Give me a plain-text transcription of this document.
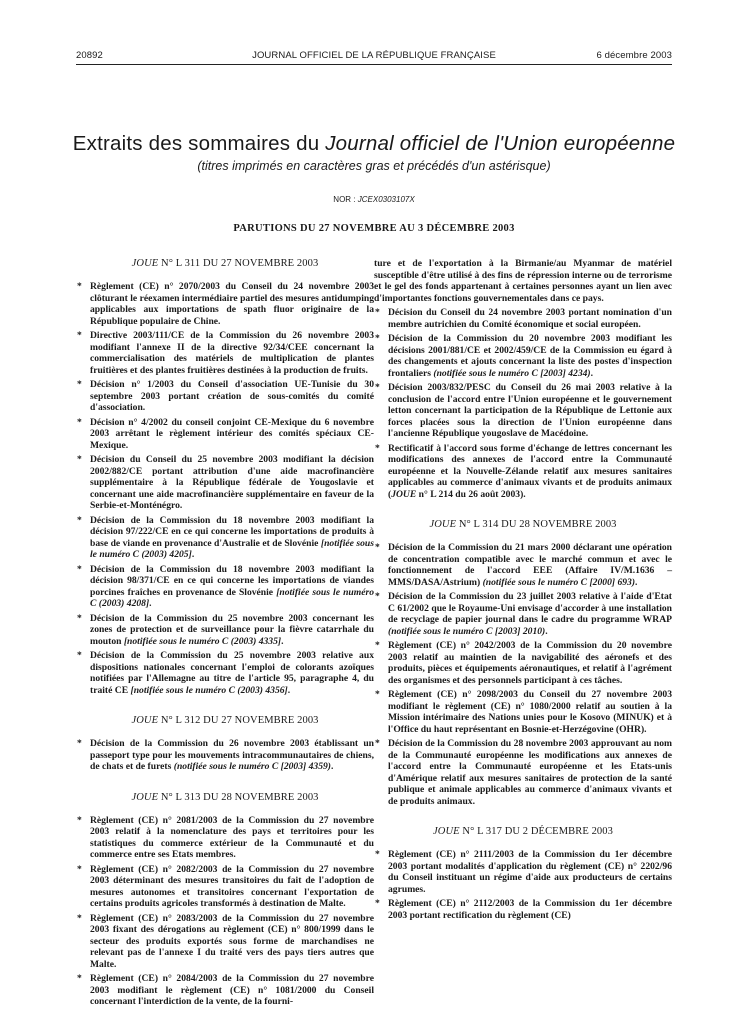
20892	JOURNAL OFFICIEL DE LA RÉPUBLIQUE FRANÇAISE	6 décembre 2003
Extraits des sommaires du Journal officiel de l'Union européenne
(titres imprimés en caractères gras et précédés d'un astérisque)
NOR : JCEX0303107X
PARUTIONS DU 27 NOVEMBRE AU 3 DÉCEMBRE 2003
JOUE N° L 311 DU 27 NOVEMBRE 2003
* Règlement (CE) n° 2070/2003 du Conseil du 24 novembre 2003 clôturant le réexamen intermédiaire partiel des mesures antidumping applicables aux importations de spath fluor originaire de la République populaire de Chine.
* Directive 2003/111/CE de la Commission du 26 novembre 2003 modifiant l'annexe II de la directive 92/34/CEE concernant la commercialisation des matériels de multiplication de plantes fruitières et des plantes fruitières destinées à la production de fruits.
* Décision n° 1/2003 du Conseil d'association UE-Tunisie du 30 septembre 2003 portant création de sous-comités du comité d'association.
* Décision n° 4/2002 du conseil conjoint CE-Mexique du 6 novembre 2003 arrêtant le règlement intérieur des comités spéciaux CE-Mexique.
* Décision du Conseil du 25 novembre 2003 modifiant la décision 2002/882/CE portant attribution d'une aide macrofinancière supplémentaire à la République fédérale de Yougoslavie et concernant une aide macrofinancière supplémentaire en faveur de la Serbie-et-Monténégro.
* Décision de la Commission du 18 novembre 2003 modifiant la décision 97/222/CE en ce qui concerne les importations de produits à base de viande en provenance d'Australie et de Slovénie [notifiée sous le numéro C (2003) 4205].
* Décision de la Commission du 18 novembre 2003 modifiant la décision 98/371/CE en ce qui concerne les importations de viandes porcines fraîches en provenance de Slovénie [notifiée sous le numéro C (2003) 4208].
* Décision de la Commission du 25 novembre 2003 concernant les zones de protection et de surveillance pour la fièvre catarrhale du mouton [notifiée sous le numéro C (2003) 4335].
* Décision de la Commission du 25 novembre 2003 relative aux dispositions nationales concernant l'emploi de colorants azoïques notifiées par l'Allemagne au titre de l'article 95, paragraphe 4, du traité CE [notifiée sous le numéro C (2003) 4356].
JOUE N° L 312 DU 27 NOVEMBRE 2003
* Décision de la Commission du 26 novembre 2003 établissant un passeport type pour les mouvements intracommunautaires de chiens, de chats et de furets (notifiée sous le numéro C [2003] 4359).
JOUE N° L 313 DU 28 NOVEMBRE 2003
* Règlement (CE) n° 2081/2003 de la Commission du 27 novembre 2003 relatif à la nomenclature des pays et territoires pour les statistiques du commerce extérieur de la Communauté et du commerce entre ses Etats membres.
* Règlement (CE) n° 2082/2003 de la Commission du 27 novembre 2003 déterminant des mesures transitoires du fait de l'adoption de mesures autonomes et transitoires concernant l'exportation de certains produits agricoles transformés à destination de Malte.
* Règlement (CE) n° 2083/2003 de la Commission du 27 novembre 2003 fixant des dérogations au règlement (CE) n° 800/1999 dans le secteur des produits exportés sous forme de marchandises ne relevant pas de l'annexe I du traité vers des pays tiers autres que Malte.
* Règlement (CE) n° 2084/2003 de la Commission du 27 novembre 2003 modifiant le règlement (CE) n° 1081/2000 du Conseil concernant l'interdiction de la vente, de la fourni-
ture et de l'exportation à la Birmanie/au Myanmar de matériel susceptible d'être utilisé à des fins de répression interne ou de terrorisme et le gel des fonds appartenant à certaines personnes ayant un lien avec d'importantes fonctions gouvernementales dans ce pays.
* Décision du Conseil du 24 novembre 2003 portant nomination d'un membre autrichien du Comité économique et social européen.
* Décision de la Commission du 20 novembre 2003 modifiant les décisions 2001/881/CE et 2002/459/CE de la Commission eu égard à des changements et ajouts concernant la liste des postes d'inspection frontaliers (notifiée sous le numéro C [2003] 4234).
* Décision 2003/832/PESC du Conseil du 26 mai 2003 relative à la conclusion de l'accord entre l'Union européenne et le gouvernement letton concernant la participation de la République de Lettonie aux forces placées sous la direction de l'Union européenne dans l'ancienne République yougoslave de Macédoine.
* Rectificatif à l'accord sous forme d'échange de lettres concernant les modifications des annexes de l'accord entre la Communauté européenne et la Nouvelle-Zélande relatif aux mesures sanitaires applicables au commerce d'animaux vivants et de produits animaux (JOUE n° L 214 du 26 août 2003).
JOUE N° L 314 DU 28 NOVEMBRE 2003
* Décision de la Commission du 21 mars 2000 déclarant une opération de concentration compatible avec le marché commun et avec le fonctionnement de l'accord EEE (Affaire IV/M.1636 – MMS/DASA/Astrium) (notifiée sous le numéro C [2000] 693).
* Décision de la Commission du 23 juillet 2003 relative à l'aide d'Etat C 61/2002 que le Royaume-Uni envisage d'accorder à une installation de recyclage de papier journal dans le cadre du programme WRAP (notifiée sous le numéro C [2003] 2010).
* Règlement (CE) n° 2042/2003 de la Commission du 20 novembre 2003 relatif au maintien de la navigabilité des aéronefs et des produits, pièces et équipements aéronautiques, et relatif à l'agrément des organismes et des personnels participant à ces tâches.
* Règlement (CE) n° 2098/2003 du Conseil du 27 novembre 2003 modifiant le règlement (CE) n° 1080/2000 relatif au soutien à la Mission intérimaire des Nations unies pour le Kosovo (MINUK) et à l'Office du haut représentant en Bosnie-et-Herzégovine (OHR).
* Décision de la Commission du 28 novembre 2003 approuvant au nom de la Communauté européenne les modifications aux annexes de l'accord entre la Communauté européenne et les Etats-unis d'Amérique relatif aux mesures sanitaires de protection de la santé publique et animale applicables au commerce d'animaux vivants et de produits animaux.
JOUE N° L 317 DU 2 DÉCEMBRE 2003
* Règlement (CE) n° 2111/2003 de la Commission du 1er décembre 2003 portant modalités d'application du règlement (CE) n° 2202/96 du Conseil instituant un régime d'aide aux producteurs de certains agrumes.
* Règlement (CE) n° 2112/2003 de la Commission du 1er décembre 2003 portant rectification du règlement (CE)
